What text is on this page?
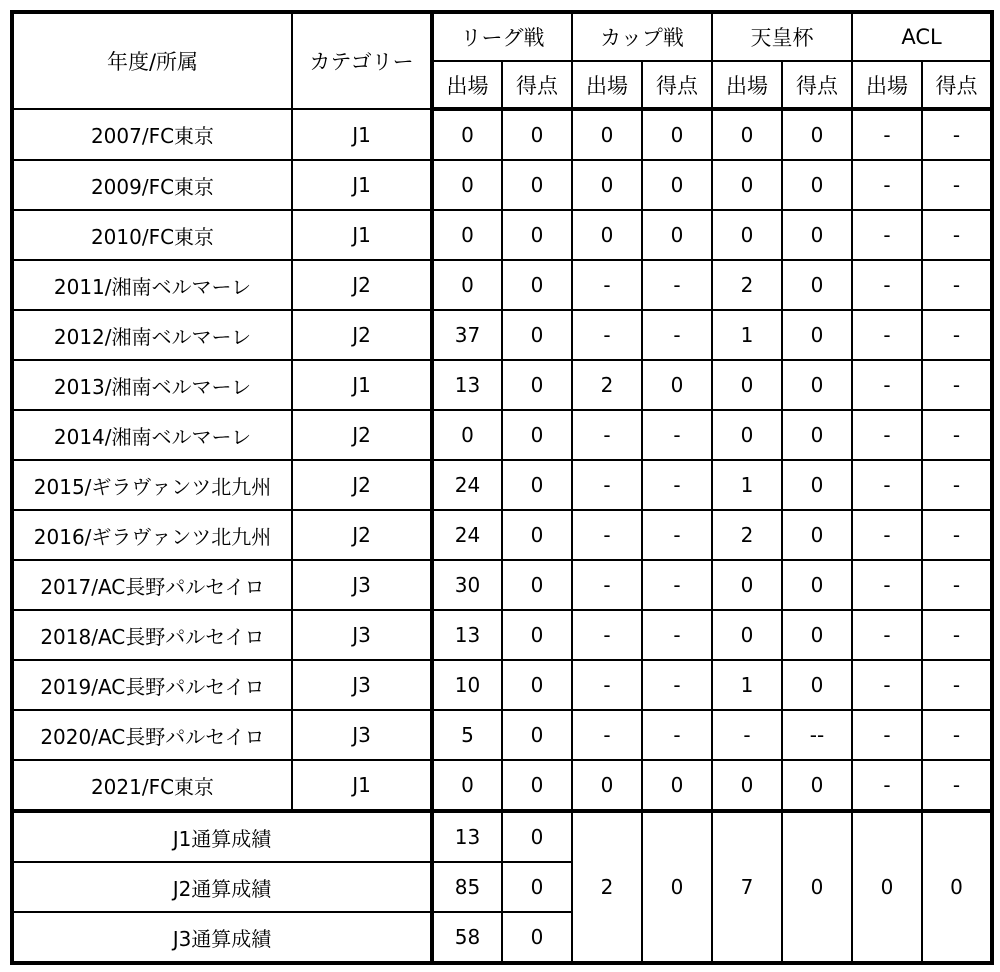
年度/所属	カテゴリー	リーグ戦		カップ戦		天皇杯		ACL	
		出場	得点	出場	得点	出場	得点	出場	得点
2007/FC東京	J1	0	0	0	0	0	0	-	-
2009/FC東京	J1	0	0	0	0	0	0	-	-
2010/FC東京	J1	0	0	0	0	0	0	-	-
2011/湘南ベルマーレ	J2	0	0	-	-	2	0	-	-
2012/湘南ベルマーレ	J2	37	0	-	-	1	0	-	-
2013/湘南ベルマーレ	J1	13	0	2	0	0	0	-	-
2014/湘南ベルマーレ	J2	0	0	-	-	0	0	-	-
2015/ギラヴァンツ北九州	J2	24	0	-	-	1	0	-	-
2016/ギラヴァンツ北九州	J2	24	0	-	-	2	0	-	-
2017/AC長野パルセイロ	J3	30	0	-	-	0	0	-	-
2018/AC長野パルセイロ	J3	13	0	-	-	0	0	-	-
2019/AC長野パルセイロ	J3	10	0	-	-	1	0	-	-
2020/AC長野パルセイロ	J3	5	0	-	-	-	--	-	-
2021/FC東京	J1	0	0	0	0	0	0	-	-
J1通算成績		13	0	2	0	7	0	0	0
J2通算成績		85	0						
J3通算成績		58	0						
